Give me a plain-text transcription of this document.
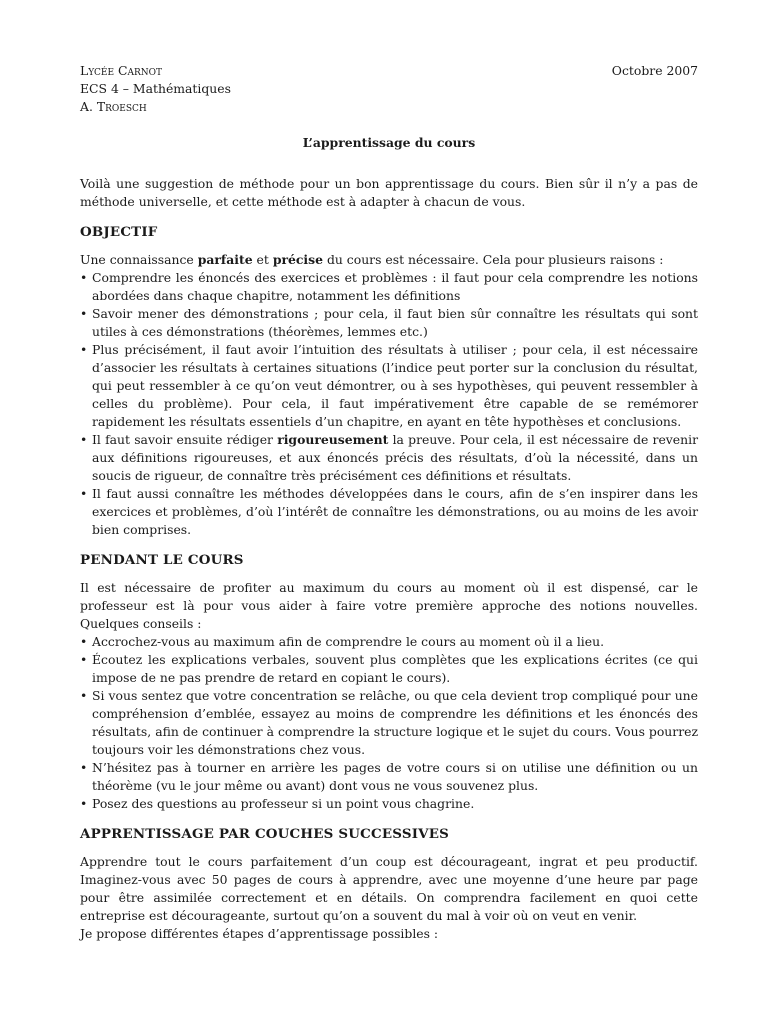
Lycée Carnot
ECS 4 – Mathématiques
A. Troesch
Octobre 2007
L’apprentissage du cours

Voilà une suggestion de méthode pour un bon apprentissage du cours. Bien sûr il n’y a pas de méthode universelle, et cette méthode est à adapter à chacun de vous.

OBJECTIF

Une connaissance parfaite et précise du cours est nécessaire. Cela pour plusieurs raisons :

• Comprendre les énoncés des exercices et problèmes : il faut pour cela comprendre les notions abordées dans chaque chapitre, notamment les définitions
• Savoir mener des démonstrations ; pour cela, il faut bien sûr connaître les résultats qui sont utiles à ces démonstrations (théorèmes, lemmes etc.)
• Plus précisément, il faut avoir l’intuition des résultats à utiliser ; pour cela, il est nécessaire d’associer les résultats à certaines situations (l’indice peut porter sur la conclusion du résultat, qui peut ressembler à ce qu’on veut démontrer, ou à ses hypothèses, qui peuvent ressembler à celles du problème). Pour cela, il faut impérativement être capable de se remémorer rapidement les résultats essentiels d’un chapitre, en ayant en tête hypothèses et conclusions.
• Il faut savoir ensuite rédiger rigoureusement la preuve. Pour cela, il est nécessaire de revenir aux définitions rigoureuses, et aux énoncés précis des résultats, d’où la nécessité, dans un soucis de rigueur, de connaître très précisément ces définitions et résultats.
• Il faut aussi connaître les méthodes développées dans le cours, afin de s’en inspirer dans les exercices et problèmes, d’où l’intérêt de connaître les démonstrations, ou au moins de les avoir bien comprises.
PENDANT LE COURS

Il est nécessaire de profiter au maximum du cours au moment où il est dispensé, car le professeur est là pour vous aider à faire votre première approche des notions nouvelles. Quelques conseils :

• Accrochez-vous au maximum afin de comprendre le cours au moment où il a lieu.
• Écoutez les explications verbales, souvent plus complètes que les explications écrites (ce qui impose de ne pas prendre de retard en copiant le cours).
• Si vous sentez que votre concentration se relâche, ou que cela devient trop compliqué pour une compréhension d’emblée, essayez au moins de comprendre les définitions et les énoncés des résultats, afin de continuer à comprendre la structure logique et le sujet du cours. Vous pourrez toujours voir les démonstrations chez vous.
• N’hésitez pas à tourner en arrière les pages de votre cours si on utilise une définition ou un théorème (vu le jour même ou avant) dont vous ne vous souvenez plus.
• Posez des questions au professeur si un point vous chagrine.
APPRENTISSAGE PAR COUCHES SUCCESSIVES

Apprendre tout le cours parfaitement d’un coup est décourageant, ingrat et peu productif. Imaginez-vous avec 50 pages de cours à apprendre, avec une moyenne d’une heure par page pour être assimilée correctement et en détails. On comprendra facilement en quoi cette entreprise est décourageante, surtout qu’on a souvent du mal à voir où on veut en venir.

Je propose différentes étapes d’apprentissage possibles :
